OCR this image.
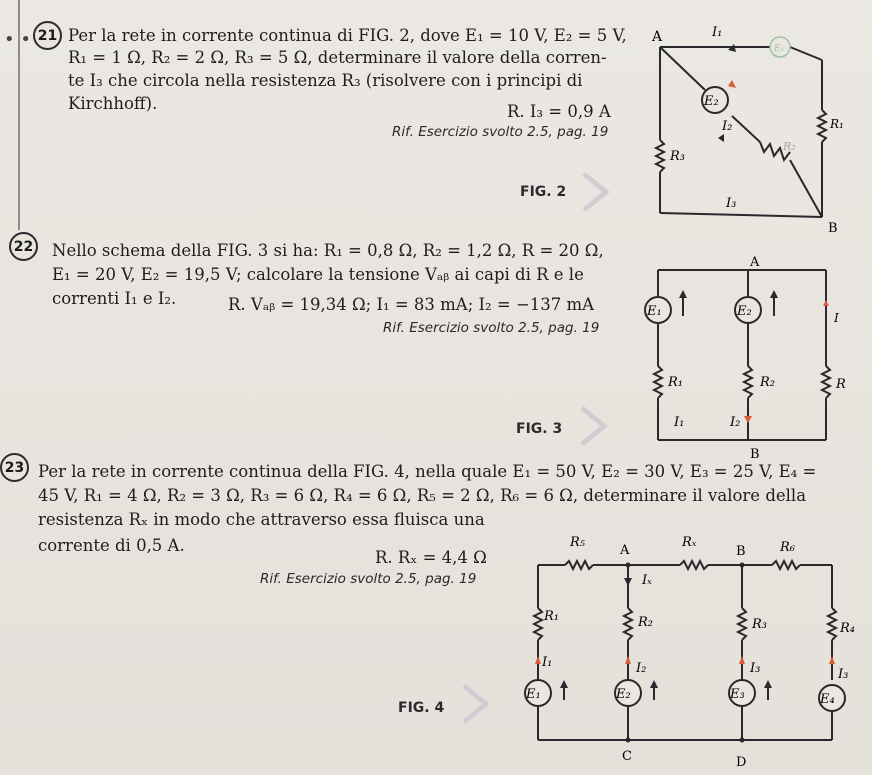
• • 21 Per la rete in corrente continua di FIG. 2, dove E₁ = 10 V, E₂ = 5 V,
R₁ = 1 Ω, R₂ = 2 Ω, R₃ = 5 Ω, determinare il valore della corren-
te I₃ che circola nella resistenza R₃ (risolvere con i principi di
Kirchhoff).	R. I₃ = 0,9 A
Rif. Esercizio svolto 2.5, pag. 19
FIG. 2
A
B
I₁
E₂
E₁
I₂
R₂
R₁
R₃
I₃
22 Nello schema della FIG. 3 si ha: R₁ = 0,8 Ω, R₂ = 1,2 Ω, R = 20 Ω,
E₁ = 20 V, E₂ = 19,5 V; calcolare la tensione Vₐᵦ ai capi di R e le
correnti I₁ e I₂.	R. Vₐᵦ = 19,34 Ω; I₁ = 83 mA; I₂ = −137 mA
Rif. Esercizio svolto 2.5, pag. 19
FIG. 3
A
B
E₁	E₂
R₁	R₂	R
I₁	I₂
I
23 Per la rete in corrente continua della FIG. 4, nella quale E₁ = 50 V, E₂ = 30 V, E₃ = 25 V, E₄ =
45 V, R₁ = 4 Ω, R₂ = 3 Ω, R₃ = 6 Ω, R₄ = 6 Ω, R₅ = 2 Ω, R₆ = 6 Ω, determinare il valore della
resistenza Rₓ in modo che attraverso essa fluisca una
corrente di 0,5 A.
R. Rₓ = 4,4 Ω
Rif. Esercizio svolto 2.5, pag. 19
FIG. 4
R₅
A
Rₓ
B	R₆
Iₓ
R₁	R₂	R₃	R₄
I₁	I₂	I₃	I₃
E₁	E₂	E₃	E₄
C	D
